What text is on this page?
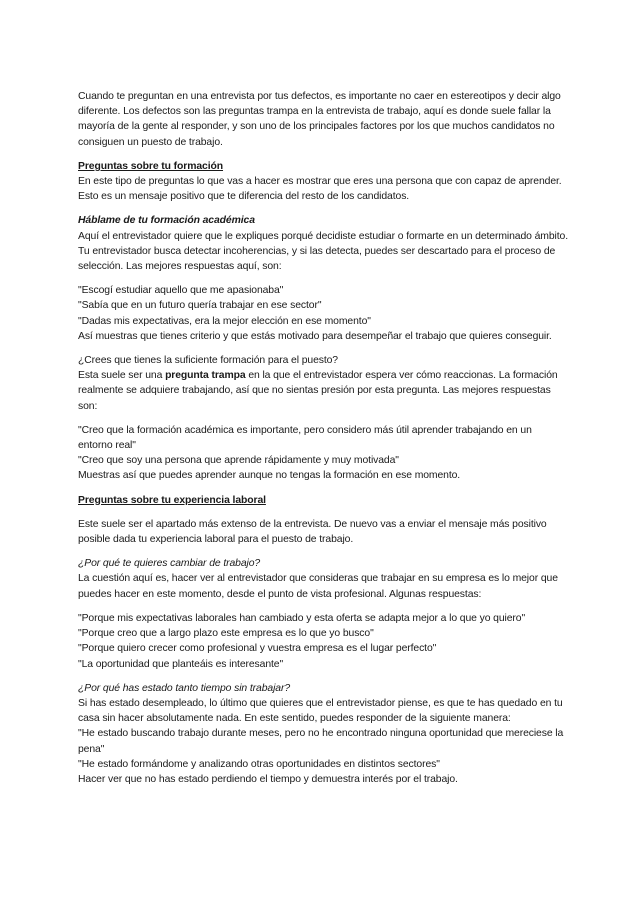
Cuando te preguntan en una entrevista por tus defectos, es importante no caer en estereotipos y decir algo diferente. Los defectos son las preguntas trampa en la entrevista de trabajo, aquí es donde suele fallar la mayoría de la gente al responder, y son uno de los principales factores por los que muchos candidatos no consiguen un puesto de trabajo.

Preguntas sobre tu formación

En este tipo de preguntas lo que vas a hacer es mostrar que eres una persona que con capaz de aprender. Esto es un mensaje positivo que te diferencia del resto de los candidatos.

Háblame de tu formación académica

Aquí el entrevistador quiere que le expliques porqué decidiste estudiar o formarte en un determinado ámbito. Tu entrevistador busca detectar incoherencias, y si las detecta, puedes ser descartado para el proceso de selección. Las mejores respuestas aquí, son:

"Escogí estudiar aquello que me apasionaba"

"Sabía que en un futuro quería trabajar en ese sector"

"Dadas mis expectativas, era la mejor elección en ese momento"

Así muestras que tienes criterio y que estás motivado para desempeñar el trabajo que quieres conseguir.

¿Crees que tienes la suficiente formación para el puesto?

Esta suele ser una pregunta trampa en la que el entrevistador espera ver cómo reaccionas. La formación realmente se adquiere trabajando, así que no sientas presión por esta pregunta. Las mejores respuestas son:

"Creo que la formación académica es importante, pero considero más útil aprender trabajando en un entorno real"

"Creo que soy una persona que aprende rápidamente y muy motivada"

Muestras así que puedes aprender aunque no tengas la formación en ese momento.

Preguntas sobre tu experiencia laboral

Este suele ser el apartado más extenso de la entrevista. De nuevo vas a enviar el mensaje más positivo posible dada tu experiencia laboral para el puesto de trabajo.

¿Por qué te quieres cambiar de trabajo?

La cuestión aquí es, hacer ver al entrevistador que consideras que trabajar en su empresa es lo mejor que puedes hacer en este momento, desde el punto de vista profesional. Algunas respuestas:

"Porque mis expectativas laborales han cambiado y esta oferta se adapta mejor a lo que yo quiero"

"Porque creo que a largo plazo este empresa es lo que yo busco"

"Porque quiero crecer como profesional y vuestra empresa es el lugar perfecto"

"La oportunidad que planteáis es interesante"

¿Por qué has estado tanto tiempo sin trabajar?

Si has estado desempleado, lo último que quieres que el entrevistador piense, es que te has quedado en tu casa sin hacer absolutamente nada. En este sentido, puedes responder de la siguiente manera:

"He estado buscando trabajo durante meses, pero no he encontrado ninguna oportunidad que mereciese la pena"

"He estado formándome y analizando otras oportunidades en distintos sectores"

Hacer ver que no has estado perdiendo el tiempo y demuestra interés por el trabajo.
